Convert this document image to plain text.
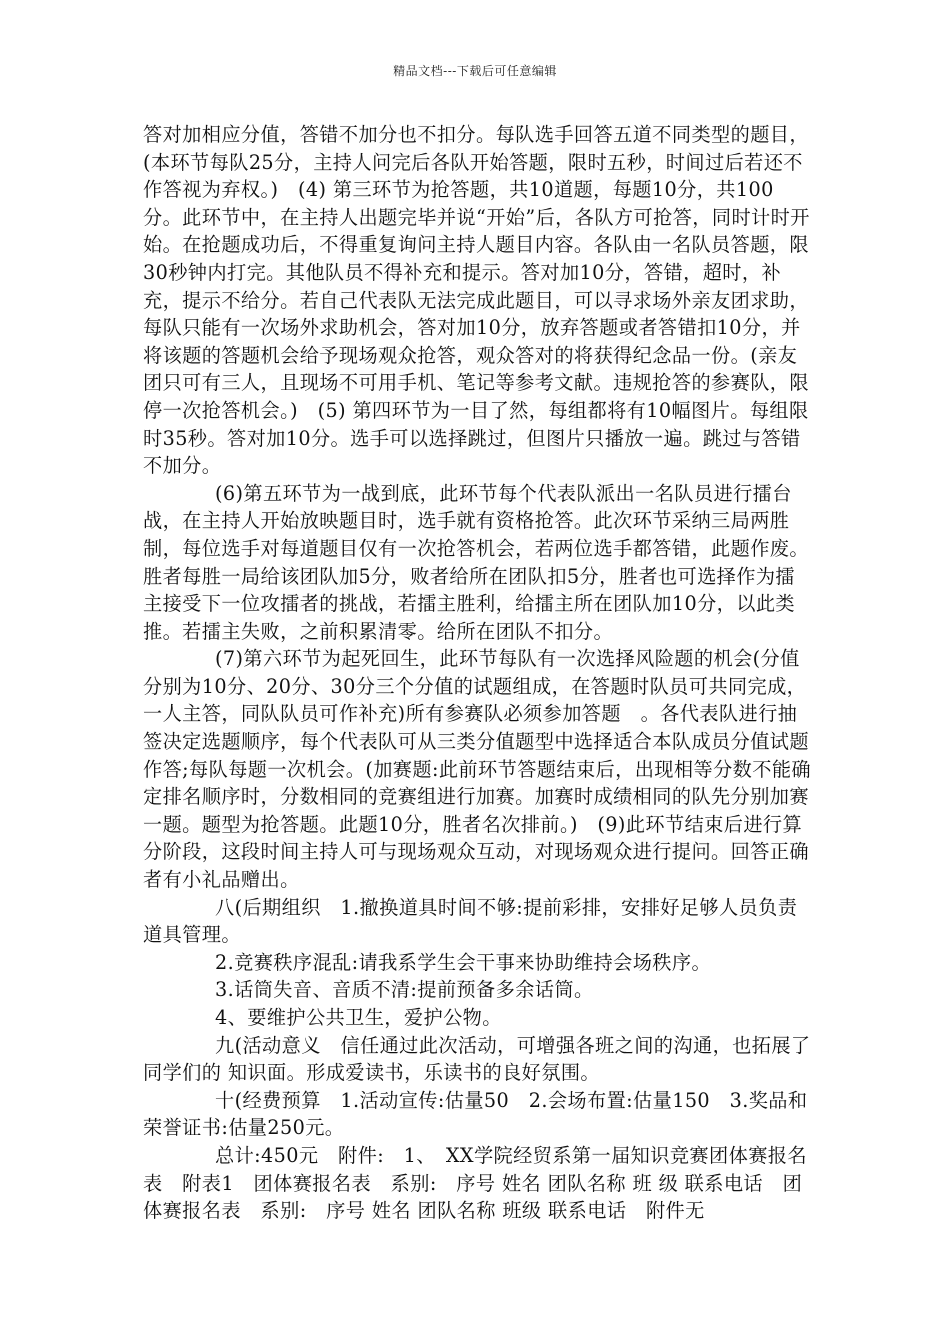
精品文档---下载后可任意编辑

答对加相应分值，答错不加分也不扣分。每队选手回答五道不同类型的题目，(本环节每队25分，主持人问完后各队开始答题，限时五秒，时间过后若还不作答视为弃权。)　(4) 第三环节为抢答题，共10道题，每题10分，共100分。此环节中，在主持人出题完毕并说“开始”后，各队方可抢答，同时计时开始。在抢题成功后，不得重复询问主持人题目内容。各队由一名队员答题，限30秒钟内打完。其他队员不得补充和提示。答对加10分，答错，超时，补充，提示不给分。若自己代表队无法完成此题目，可以寻求场外亲友团求助，每队只能有一次场外求助机会，答对加10分，放弃答题或者答错扣10分，并将该题的答题机会给予现场观众抢答，观众答对的将获得纪念品一份。(亲友团只可有三人，且现场不可用手机、笔记等参考文献。违规抢答的参赛队，限停一次抢答机会。)　(5) 第四环节为一目了然，每组都将有10幅图片。每组限时35秒。答对加10分。选手可以选择跳过，但图片只播放一遍。跳过与答错不加分。

(6)第五环节为一战到底，此环节每个代表队派出一名队员进行擂台战，在主持人开始放映题目时，选手就有资格抢答。此次环节采纳三局两胜制，每位选手对每道题目仅有一次抢答机会，若两位选手都答错，此题作废。胜者每胜一局给该团队加5分，败者给所在团队扣5分，胜者也可选择作为擂主接受下一位攻擂者的挑战，若擂主胜利，给擂主所在团队加10分，以此类推。若擂主失败，之前积累清零。给所在团队不扣分。

(7)第六环节为起死回生，此环节每队有一次选择风险题的机会(分值分别为10分、20分、30分三个分值的试题组成，在答题时队员可共同完成，一人主答，同队队员可作补充)所有参赛队必须参加答题　。各代表队进行抽签决定选题顺序，每个代表队可从三类分值题型中选择适合本队成员分值试题作答;每队每题一次机会。(加赛题:此前环节答题结束后，出现相等分数不能确定排名顺序时，分数相同的竞赛组进行加赛。加赛时成绩相同的队先分别加赛一题。题型为抢答题。此题10分，胜者名次排前。)　(9)此环节结束后进行算分阶段，这段时间主持人可与现场观众互动，对现场观众进行提问。回答正确者有小礼品赠出。

八(后期组织　1.撤换道具时间不够:提前彩排，安排好足够人员负责道具管理。

2.竞赛秩序混乱:请我系学生会干事来协助维持会场秩序。

3.话筒失音、音质不清:提前预备多余话筒。

4、要维护公共卫生，爱护公物。

九(活动意义　信任通过此次活动，可增强各班之间的沟通，也拓展了同学们的 知识面。形成爱读书，乐读书的良好氛围。

十(经费预算　1.活动宣传:估量50　2.会场布置:估量150　3.奖品和荣誉证书:估量250元。

总计:450元　附件:　1、　XX学院经贸系第一届知识竞赛团体赛报名表　附表1　团体赛报名表　系别:　序号 姓名 团队名称 班 级 联系电话　团体赛报名表　系别:　序号 姓名 团队名称 班级 联系电话　附件无
